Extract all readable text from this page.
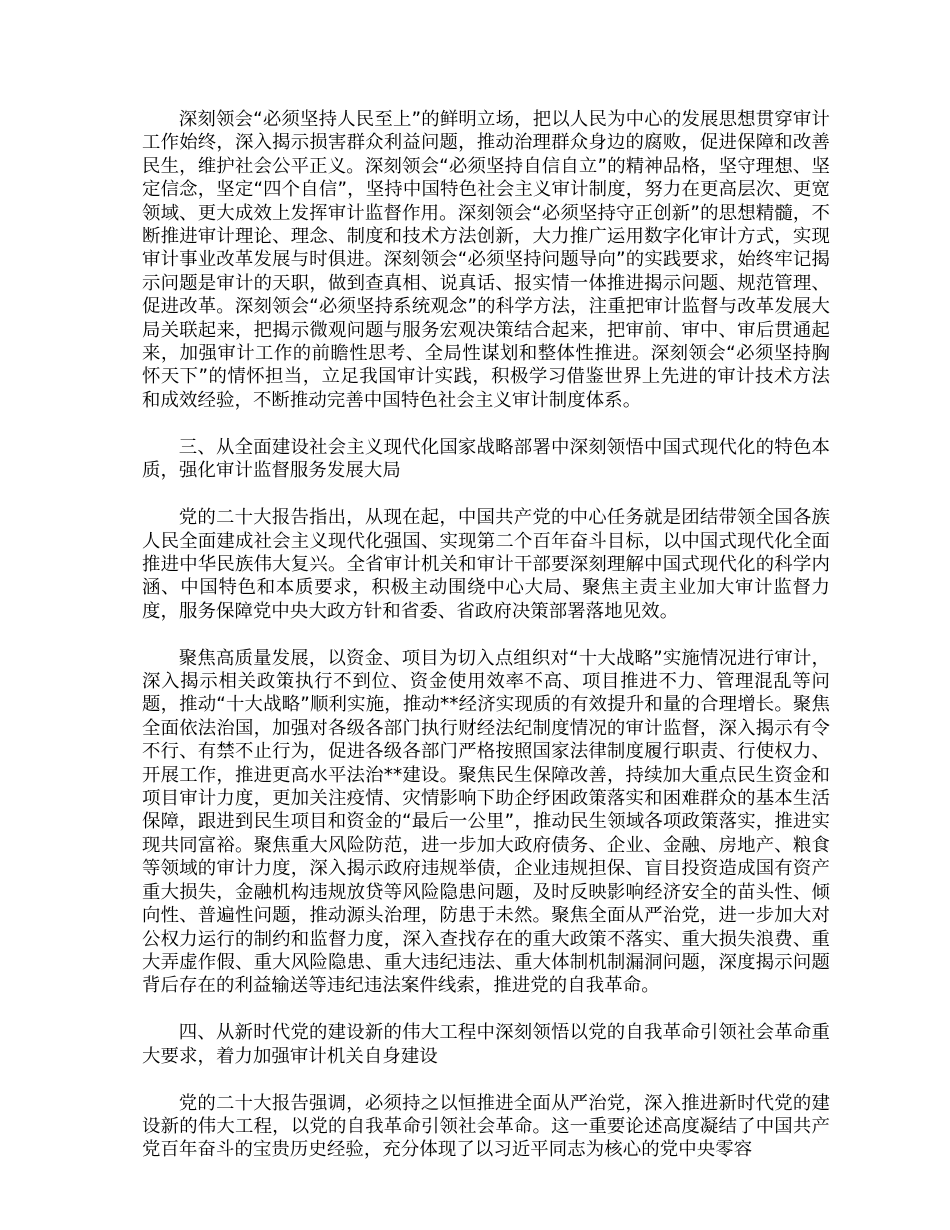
深刻领会“必须坚持人民至上”的鲜明立场，把以人民为中心的发展思想贯穿审计工作始终，深入揭示损害群众利益问题，推动治理群众身边的腐败，促进保障和改善民生，维护社会公平正义。深刻领会“必须坚持自信自立”的精神品格，坚守理想、坚定信念，坚定“四个自信”，坚持中国特色社会主义审计制度，努力在更高层次、更宽领域、更大成效上发挥审计监督作用。深刻领会“必须坚持守正创新”的思想精髓，不断推进审计理论、理念、制度和技术方法创新，大力推广运用数字化审计方式，实现审计事业改革发展与时俱进。深刻领会“必须坚持问题导向”的实践要求，始终牢记揭示问题是审计的天职，做到查真相、说真话、报实情一体推进揭示问题、规范管理、促进改革。深刻领会“必须坚持系统观念”的科学方法，注重把审计监督与改革发展大局关联起来，把揭示微观问题与服务宏观决策结合起来，把审前、审中、审后贯通起来，加强审计工作的前瞻性思考、全局性谋划和整体性推进。深刻领会“必须坚持胸怀天下”的情怀担当，立足我国审计实践，积极学习借鉴世界上先进的审计技术方法和成效经验，不断推动完善中国特色社会主义审计制度体系。

三、从全面建设社会主义现代化国家战略部署中深刻领悟中国式现代化的特色本质，强化审计监督服务发展大局

党的二十大报告指出，从现在起，中国共产党的中心任务就是团结带领全国各族人民全面建成社会主义现代化强国、实现第二个百年奋斗目标，以中国式现代化全面推进中华民族伟大复兴。全省审计机关和审计干部要深刻理解中国式现代化的科学内涵、中国特色和本质要求，积极主动围绕中心大局、聚焦主责主业加大审计监督力度，服务保障党中央大政方针和省委、省政府决策部署落地见效。

聚焦高质量发展，以资金、项目为切入点组织对“十大战略”实施情况进行审计，深入揭示相关政策执行不到位、资金使用效率不高、项目推进不力、管理混乱等问题，推动“十大战略”顺利实施，推动**经济实现质的有效提升和量的合理增长。聚焦全面依法治国，加强对各级各部门执行财经法纪制度情况的审计监督，深入揭示有令不行、有禁不止行为，促进各级各部门严格按照国家法律制度履行职责、行使权力、开展工作，推进更高水平法治**建设。聚焦民生保障改善，持续加大重点民生资金和项目审计力度，更加关注疫情、灾情影响下助企纾困政策落实和困难群众的基本生活保障，跟进到民生项目和资金的“最后一公里”，推动民生领域各项政策落实，推进实现共同富裕。聚焦重大风险防范，进一步加大政府债务、企业、金融、房地产、粮食等领域的审计力度，深入揭示政府违规举债，企业违规担保、盲目投资造成国有资产重大损失，金融机构违规放贷等风险隐患问题，及时反映影响经济安全的苗头性、倾向性、普遍性问题，推动源头治理，防患于未然。聚焦全面从严治党，进一步加大对公权力运行的制约和监督力度，深入查找存在的重大政策不落实、重大损失浪费、重大弄虚作假、重大风险隐患、重大违纪违法、重大体制机制漏洞问题，深度揭示问题背后存在的利益输送等违纪违法案件线索，推进党的自我革命。

四、从新时代党的建设新的伟大工程中深刻领悟以党的自我革命引领社会革命重大要求，着力加强审计机关自身建设

党的二十大报告强调，必须持之以恒推进全面从严治党，深入推进新时代党的建设新的伟大工程，以党的自我革命引领社会革命。这一重要论述高度凝结了中国共产党百年奋斗的宝贵历史经验，充分体现了以习近平同志为核心的党中央零容
